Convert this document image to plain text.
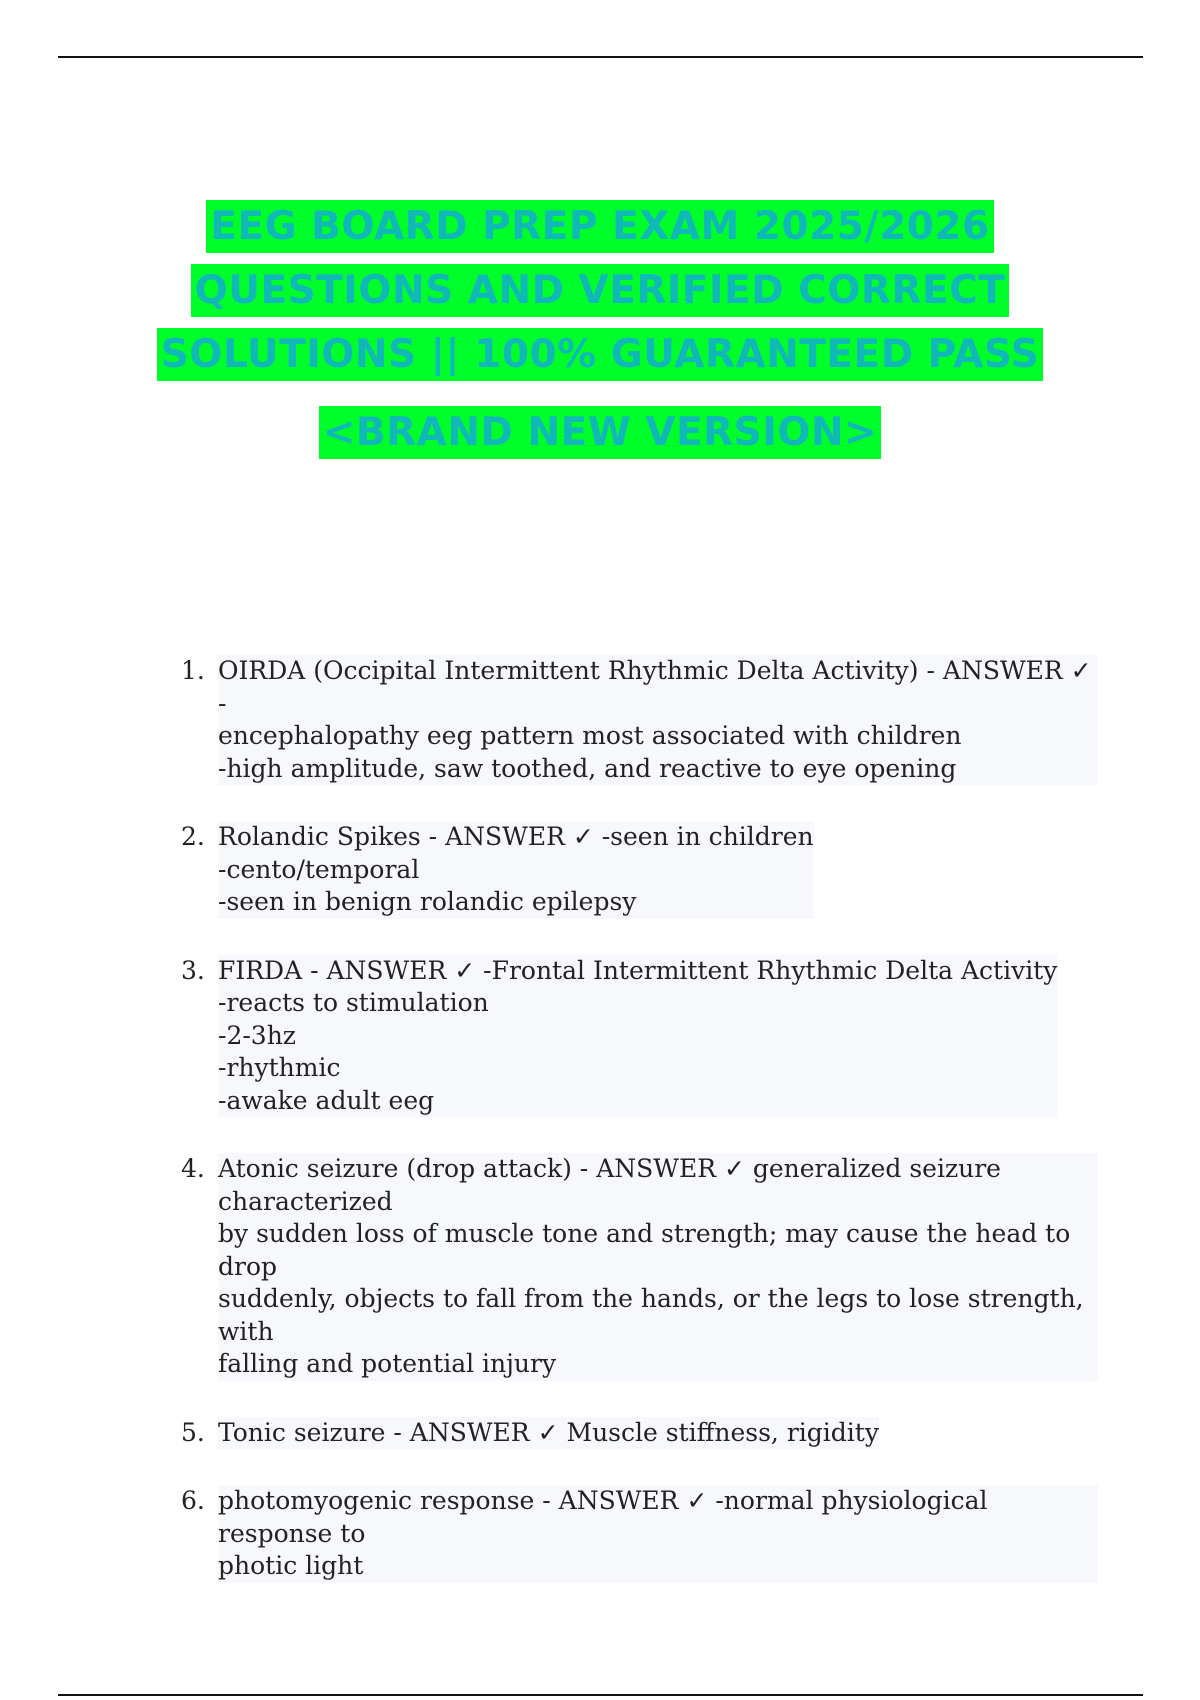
EEG BOARD PREP EXAM 2025/2026
QUESTIONS AND VERIFIED CORRECT
SOLUTIONS || 100% GUARANTEED PASS
<BRAND NEW VERSION>
1. OIRDA (Occipital Intermittent Rhythmic Delta Activity) - ANSWER ✓ -
encephalopathy eeg pattern most associated with children
-high amplitude, saw toothed, and reactive to eye opening
2. Rolandic Spikes - ANSWER ✓ -seen in children
-cento/temporal
-seen in benign rolandic epilepsy
3. FIRDA - ANSWER ✓ -Frontal Intermittent Rhythmic Delta Activity
-reacts to stimulation
-2-3hz
-rhythmic
-awake adult eeg
4. Atonic seizure (drop attack) - ANSWER ✓ generalized seizure characterized
by sudden loss of muscle tone and strength; may cause the head to drop
suddenly, objects to fall from the hands, or the legs to lose strength, with
falling and potential injury
5. Tonic seizure - ANSWER ✓ Muscle stiffness, rigidity
6. photomyogenic response - ANSWER ✓ -normal physiological response to
photic light
